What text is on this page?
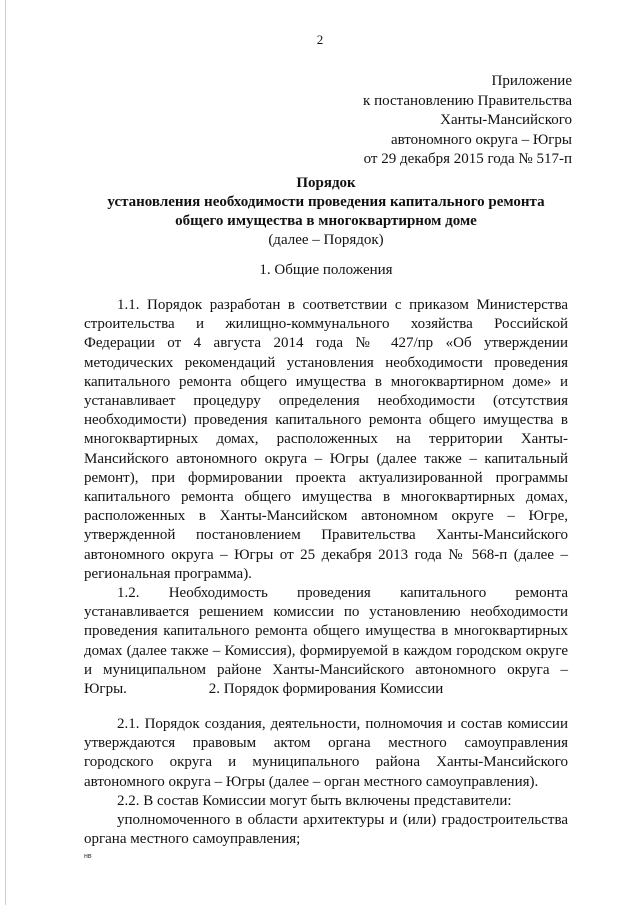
2
Приложение
к постановлению Правительства
Ханты-Мансийского
автономного округа – Югры
от 29 декабря 2015 года № 517-п
Порядок
установления необходимости проведения капитального ремонта
общего имущества в многоквартирном доме
(далее – Порядок)
1. Общие положения

1.1. Порядок разработан в соответствии с приказом Министерства строительства и жилищно-коммунального хозяйства Российской Федерации от 4 августа 2014 года № 427/пр «Об утверждении методических рекомендаций установления необходимости проведения капитального ремонта общего имущества в многоквартирном доме» и устанавливает процедуру определения необходимости (отсутствия необходимости) проведения капитального ремонта общего имущества в многоквартирных домах, расположенных на территории Ханты-Мансийского автономного округа – Югры (далее также – капитальный ремонт), при формировании проекта актуализированной программы капитального ремонта общего имущества в многоквартирных домах, расположенных в Ханты-Мансийском автономном округе – Югре, утвержденной постановлением Правительства Ханты-Мансийского автономного округа – Югры от 25 декабря 2013 года № 568-п (далее – региональная программа).

1.2. Необходимость проведения капитального ремонта устанавливается решением комиссии по установлению необходимости проведения капитального ремонта общего имущества в многоквартирных домах (далее также – Комиссия), формируемой в каждом городском округе и муниципальном районе Ханты-Мансийского автономного округа – Югры.	2. Порядок формирования Комиссии

2.1. Порядок создания, деятельности, полномочия и состав комиссии утверждаются правовым актом органа местного самоуправления городского округа и муниципального района Ханты-Мансийского автономного округа – Югры (далее – орган местного самоуправления).

2.2. В состав Комиссии могут быть включены представители:

уполномоченного в области архитектуры и (или) градостроительства органа местного самоуправления;

нв
